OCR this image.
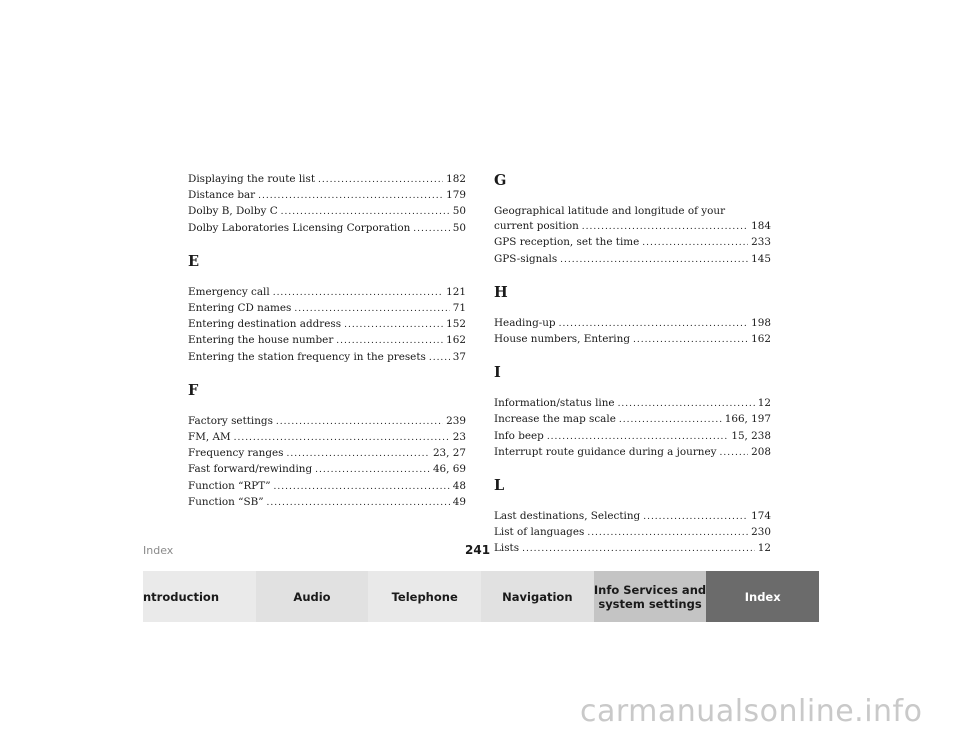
Displaying the route list .....	182
Distance bar .....	179
Dolby B, Dolby C .....	50
Dolby Laboratories Licensing Corporation .....	50
E
Emergency call .....	121
Entering CD names .....	71
Entering destination address .....	152
Entering the house number .....	162
Entering the station frequency in the presets .....	37
F
Factory settings .....	239
FM, AM .....	23
Frequency ranges .....	23, 27
Fast forward/rewinding .....	46, 69
Function “RPT” .....	48
Function “SB” .....	49
G
Geographical latitude and longitude of your
current position .....	184
GPS reception, set the time .....	233
GPS-signals .....	145
H
Heading-up .....	198
House numbers, Entering .....	162
I
Information/status line .....	12
Increase the map scale .....	166, 197
Info beep .....	15, 238
Interrupt route guidance during a journey .....	208
L
Last destinations, Selecting .....	174
List of languages .....	230
Lists .....	12
Index	241
ntroduction	Audio	Telephone	Navigation Info Services and
system settings	Index
carmanualsonline.info
